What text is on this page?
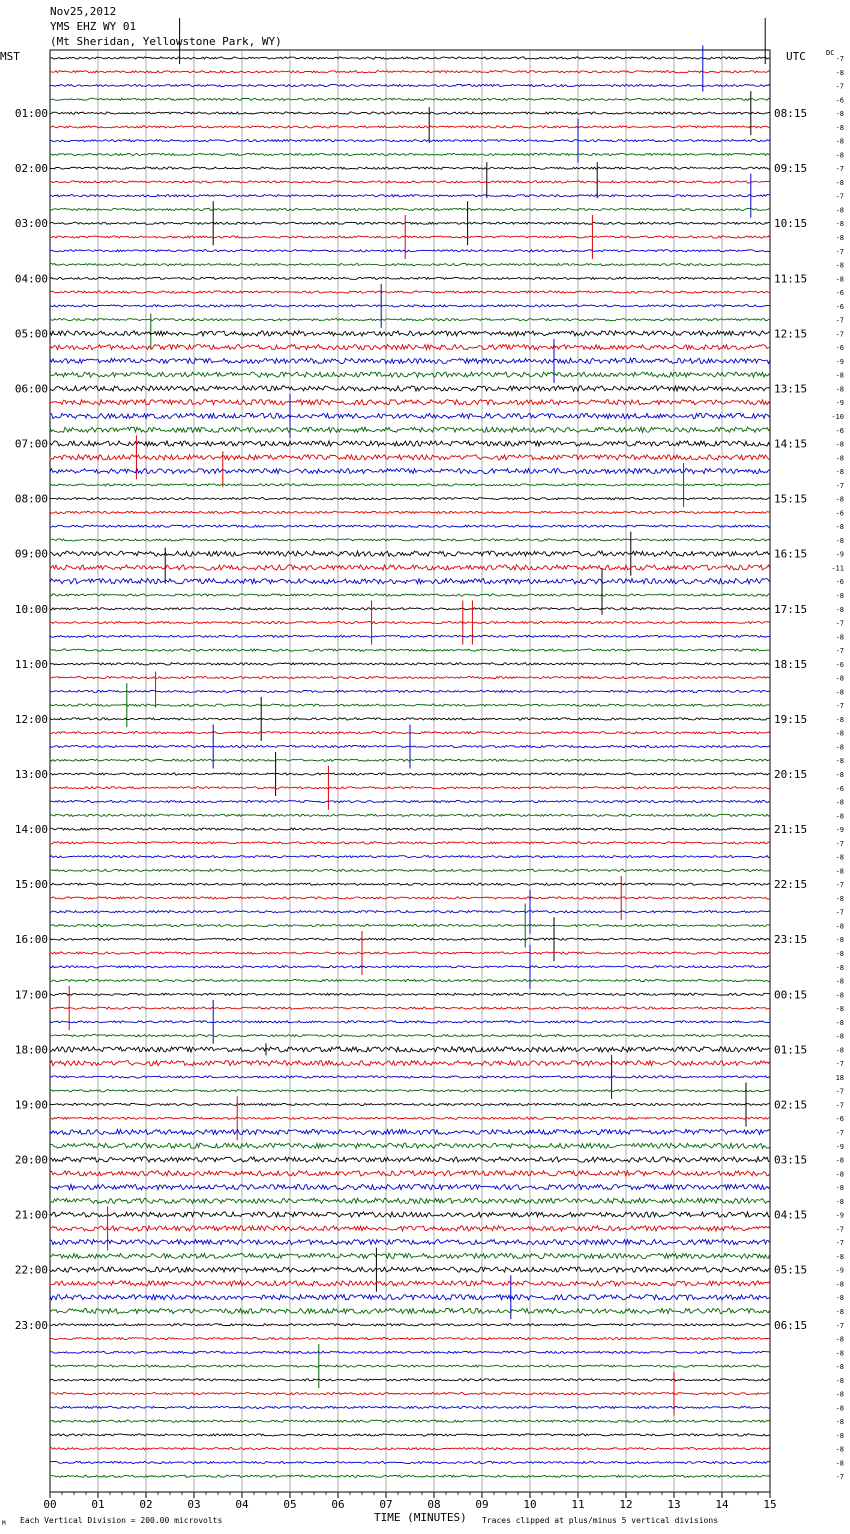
Nov25,2012
YMS EHZ WY 01
(Mt Sheridan, Yellowstone Park, WY)
MST	UTC	DC
00	01	02	03	04	05	06	07	08	09	10	11	12	13	14	15
-7
-8
-7
-6
-8
-8
-8
-8
-7
-8
-7
-8
-8
-8
-7
-8
-8
-6
-6
-7
-7
-6
-9
-8
-8
-9
-10
-6
-8
-8
-8
-7
-8
-6
-8
-8
-9
-11
-6
-8
-8
-7
-8
-7
-6
-8
-8
-7
-8
-8
-8
-8
-8
-6
-8
-8
-9
-7
-8
-8
-7
-8
-7
-8
-8
-8
-8
-8
-8
-8
-8
-8
-8
-7
18
-7
-7
-6
-7
-9
-8
-8
-8
-8
-9
-7
-7
-8
-9
-8
-8
-8
-7
-8
-8
-8
-8
-8
-8
-8
-8
-8
-8
-7
01:00	08:15
02:00	09:15
03:00	10:15
04:00	11:15
05:00	12:15
06:00	13:15
07:00	14:15
08:00	15:15
09:00	16:15
10:00	17:15
11:00	18:15
12:00	19:15
13:00	20:15
14:00	21:15
15:00	22:15
16:00	23:15
17:00	00:15
18:00	01:15
19:00	02:15
20:00	03:15
21:00	04:15
22:00	05:15
23:00	06:15
TIME (MINUTES)
Each Vertical Division = 200.00 microvolts	Traces clipped at plus/minus 5 vertical divisions
M
